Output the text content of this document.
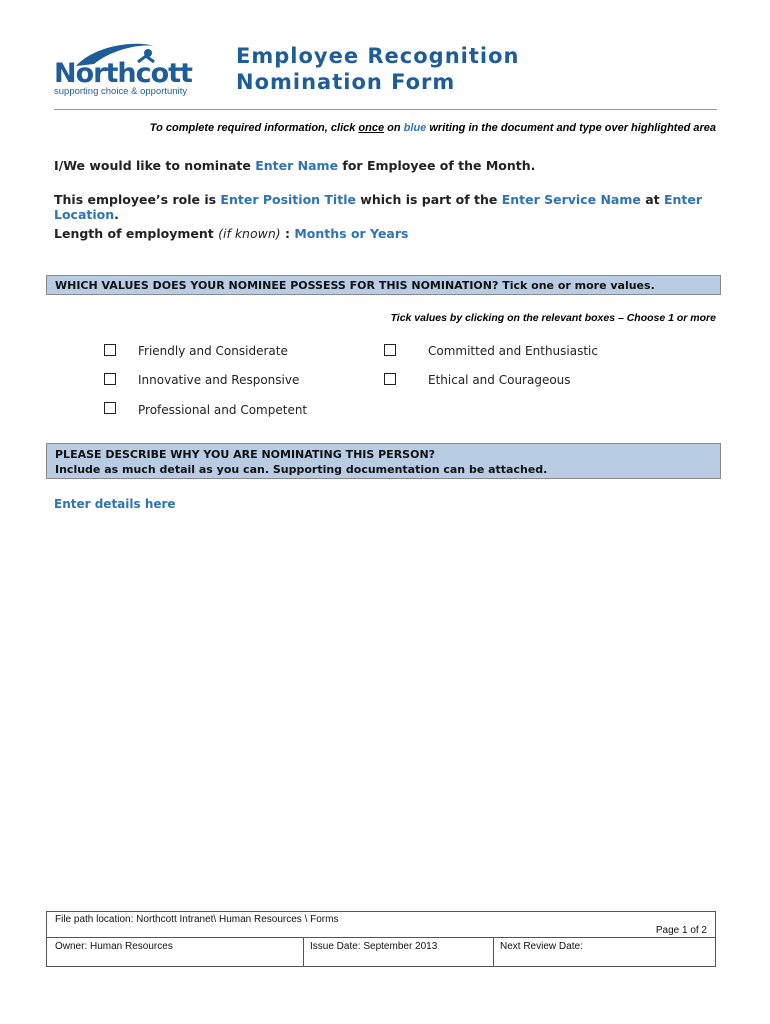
Northcott
supporting choice & opportunity
Employee Recognition
Nomination Form
To complete required information, click once on blue writing in the document and type over highlighted area
I/We would like to nominate Enter Name for Employee of the Month.
This employee’s role is Enter Position Title which is part of the Enter Service Name at Enter Location.
Length of employment (if known) : Months or Years
WHICH VALUES DOES YOUR NOMINEE POSSESS FOR THIS NOMINATION? Tick one or more values.
Tick values by clicking on the relevant boxes – Choose 1 or more
Friendly and Considerate	Committed and Enthusiastic
Innovative and Responsive	Ethical and Courageous
Professional and Competent
PLEASE DESCRIBE WHY YOU ARE NOMINATING THIS PERSON?
Include as much detail as you can. Supporting documentation can be attached.
Enter details here
File path location: Northcott Intranet\ Human Resources \ Forms
Page 1 of 2
Owner: Human Resources	Issue Date: September 2013	Next Review Date:
